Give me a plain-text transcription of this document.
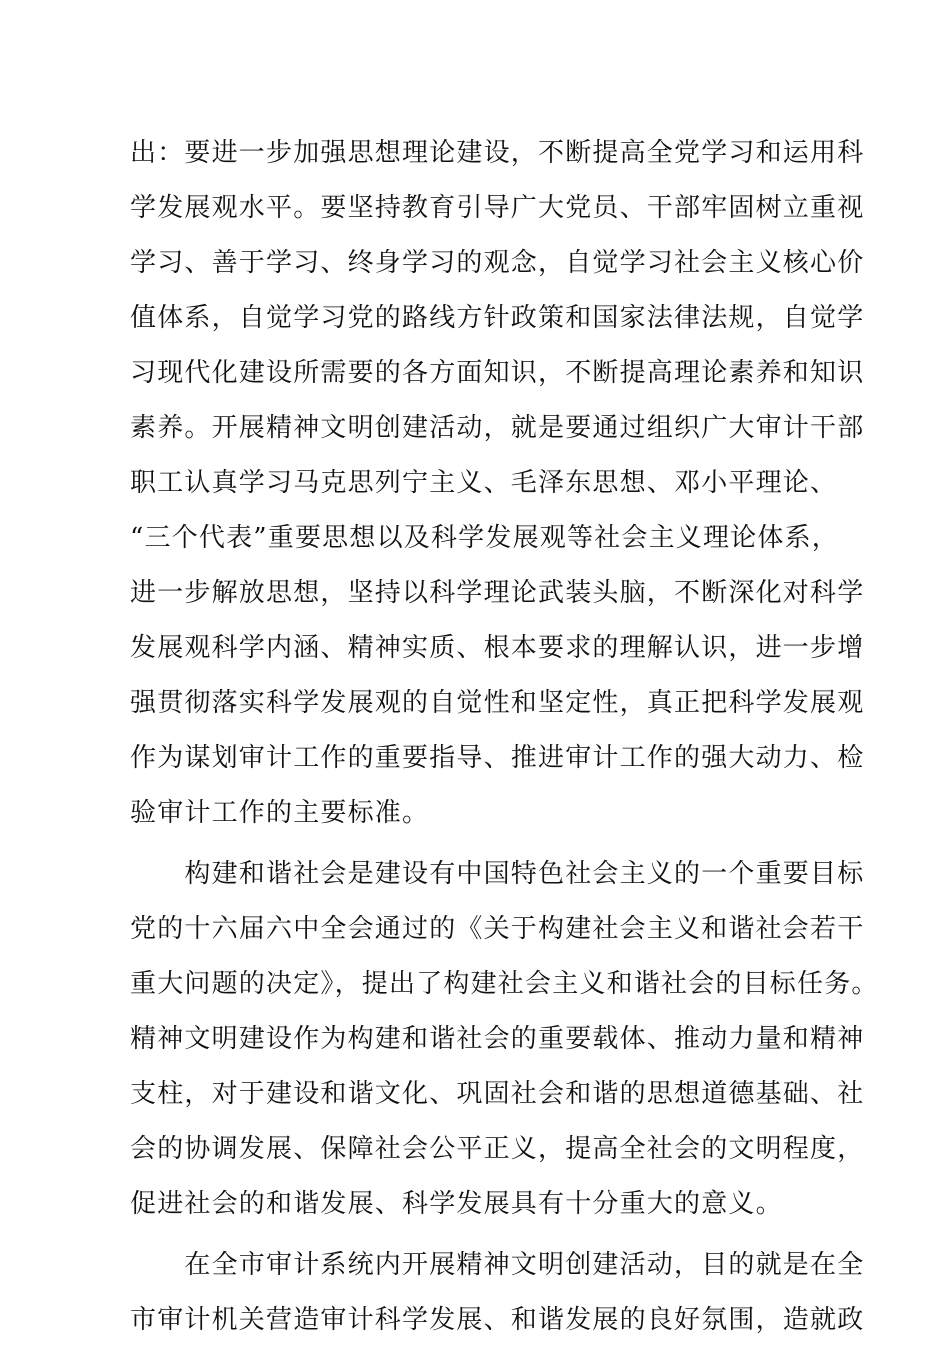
出：要进一步加强思想理论建设，不断提高全党学习和运用科
学发展观水平。要坚持教育引导广大党员、干部牢固树立重视
学习、善于学习、终身学习的观念，自觉学习社会主义核心价
值体系，自觉学习党的路线方针政策和国家法律法规，自觉学
习现代化建设所需要的各方面知识，不断提高理论素养和知识
素养。开展精神文明创建活动，就是要通过组织广大审计干部
职工认真学习马克思列宁主义、毛泽东思想、邓小平理论、
“三个代表”重要思想以及科学发展观等社会主义理论体系，
进一步解放思想，坚持以科学理论武装头脑，不断深化对科学
发展观科学内涵、精神实质、根本要求的理解认识，进一步增
强贯彻落实科学发展观的自觉性和坚定性，真正把科学发展观
作为谋划审计工作的重要指导、推进审计工作的强大动力、检
验审计工作的主要标准。
　　构建和谐社会是建设有中国特色社会主义的一个重要目标
党的十六届六中全会通过的《关于构建社会主义和谐社会若干
重大问题的决定》，提出了构建社会主义和谐社会的目标任务。
精神文明建设作为构建和谐社会的重要载体、推动力量和精神
支柱，对于建设和谐文化、巩固社会和谐的思想道德基础、社
会的协调发展、保障社会公平正义，提高全社会的文明程度，
促进社会的和谐发展、科学发展具有十分重大的意义。
　　在全市审计系统内开展精神文明创建活动，目的就是在全
市审计机关营造审计科学发展、和谐发展的良好氛围，造就政
